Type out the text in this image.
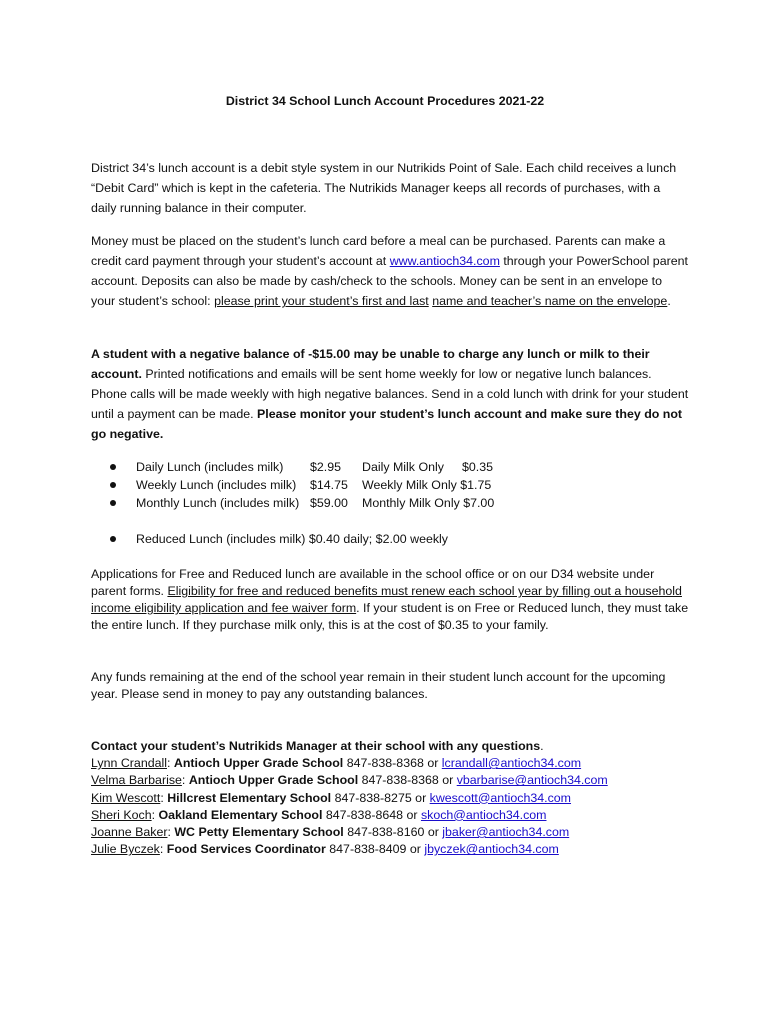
District 34 School Lunch Account Procedures 2021-22

District 34’s lunch account is a debit style system in our Nutrikids Point of Sale. Each child receives a lunch “Debit Card” which is kept in the cafeteria. The Nutrikids Manager keeps all records of purchases, with a daily running balance in their computer.

Money must be placed on the student’s lunch card before a meal can be purchased. Parents can make a credit card payment through your student’s account at www.antioch34.com through your PowerSchool parent account. Deposits can also be made by cash/check to the schools. Money can be sent in an envelope to your student’s school: please print your student’s first and last name and teacher’s name on the envelope.

A student with a negative balance of -$15.00 may be unable to charge any lunch or milk to their account. Printed notifications and emails will be sent home weekly for low or negative lunch balances. Phone calls will be made weekly with high negative balances. Send in a cold lunch with drink for your student until a payment can be made. Please monitor your student’s lunch account and make sure they do not go negative.

Daily Lunch (includes milk) $2.95 Daily Milk Only $0.35
Weekly Lunch (includes milk) $14.75 Weekly Milk Only $1.75
Monthly Lunch (includes milk) $59.00 Monthly Milk Only $7.00
Reduced Lunch (includes milk) $0.40 daily; $2.00 weekly

Applications for Free and Reduced lunch are available in the school office or on our D34 website under parent forms. Eligibility for free and reduced benefits must renew each school year by filling out a household income eligibility application and fee waiver form. If your student is on Free or Reduced lunch, they must take the entire lunch. If they purchase milk only, this is at the cost of $0.35 to your family.

Any funds remaining at the end of the school year remain in their student lunch account for the upcoming year. Please send in money to pay any outstanding balances.

Contact your student’s Nutrikids Manager at their school with any questions.
Lynn Crandall: Antioch Upper Grade School 847-838-8368 or lcrandall@antioch34.com
Velma Barbarise: Antioch Upper Grade School 847-838-8368 or vbarbarise@antioch34.com
Kim Wescott: Hillcrest Elementary School 847-838-8275 or kwescott@antioch34.com
Sheri Koch: Oakland Elementary School 847-838-8648 or skoch@antioch34.com
Joanne Baker: WC Petty Elementary School 847-838-8160 or jbaker@antioch34.com
Julie Byczek: Food Services Coordinator 847-838-8409 or jbyczek@antioch34.com
